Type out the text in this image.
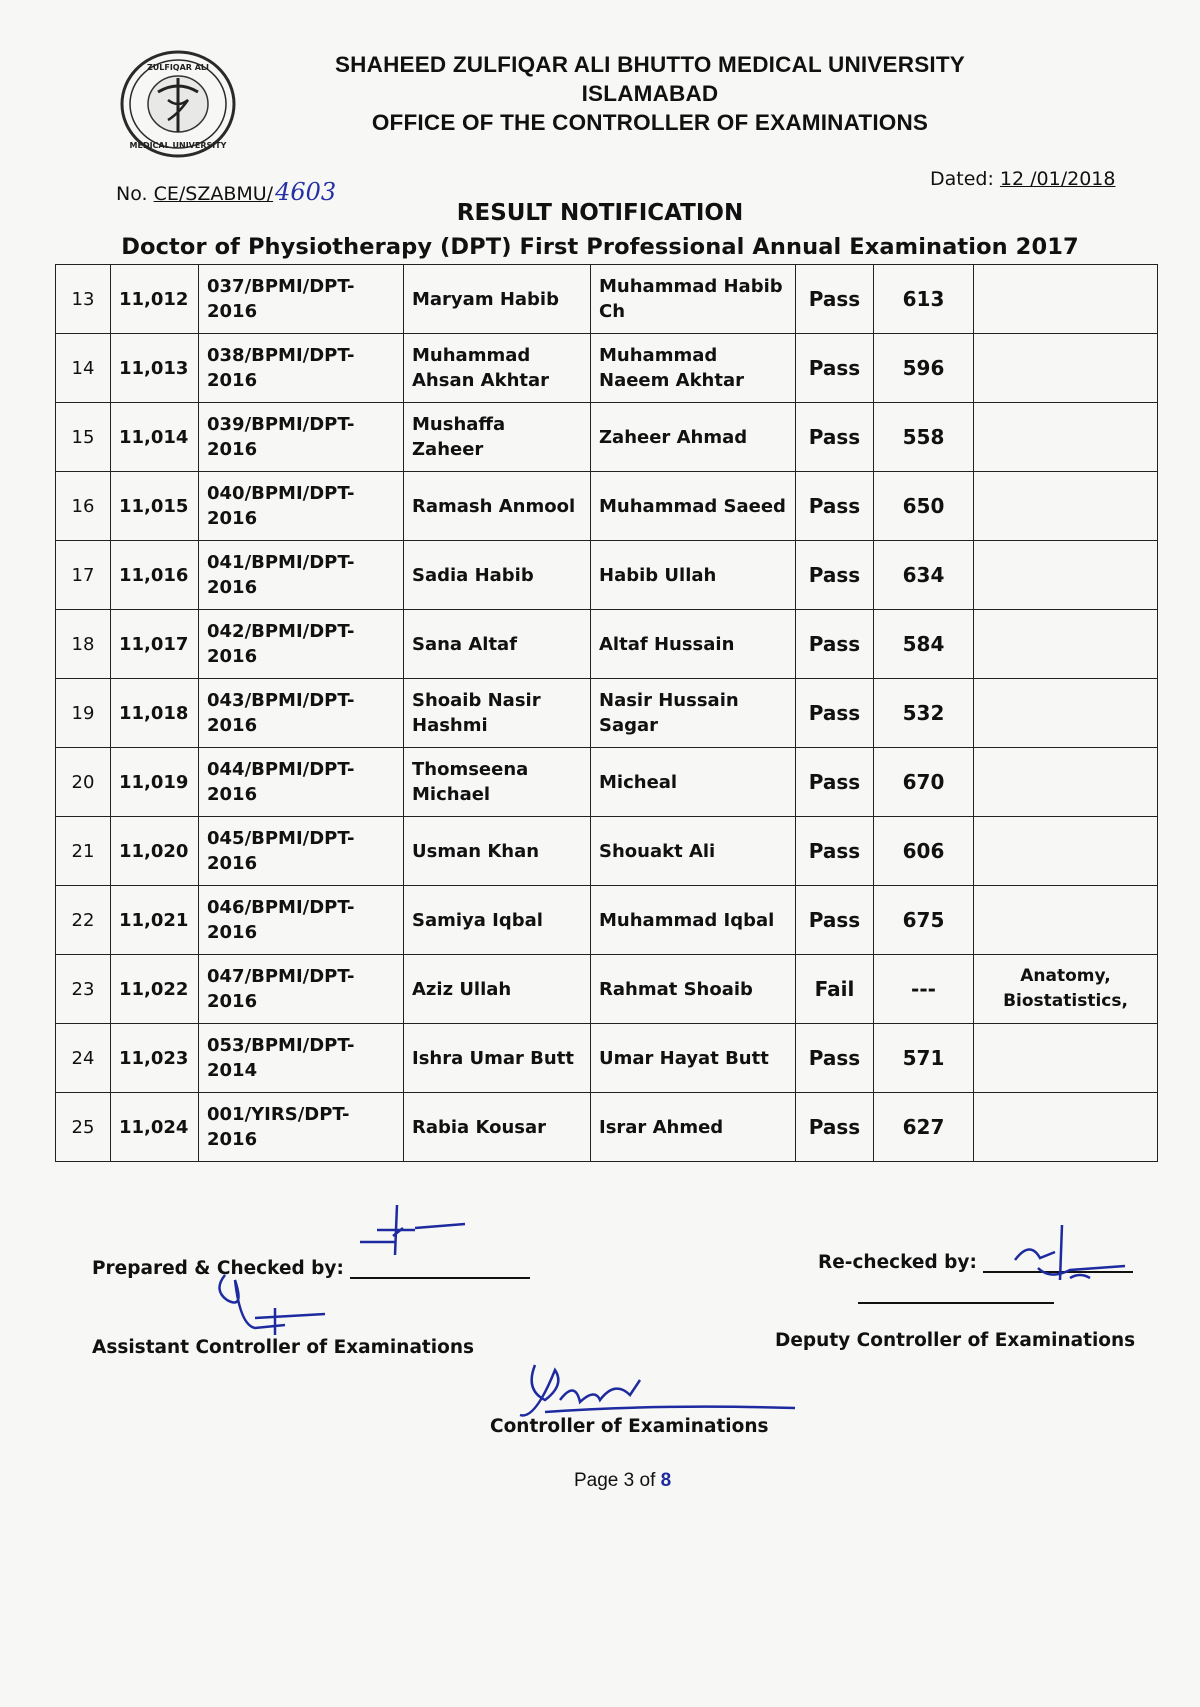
ZULFIQAR ALI
MEDICAL UNIVERSITY
SHAHEED ZULFIQAR ALI BHUTTO MEDICAL UNIVERSITY
ISLAMABAD
OFFICE OF THE CONTROLLER OF EXAMINATIONS
No. CE/SZABMU/4603	Dated: 12 /01/2018
RESULT NOTIFICATION
Doctor of Physiotherapy (DPT) First Professional Annual Examination 2017
13	11,012	037/BPMI/DPT-2016	Maryam Habib	Muhammad Habib Ch	Pass	613	
14	11,013	038/BPMI/DPT-2016	Muhammad Ahsan Akhtar	Muhammad Naeem Akhtar	Pass	596	
15	11,014	039/BPMI/DPT-2016	Mushaffa Zaheer	Zaheer Ahmad	Pass	558	
16	11,015	040/BPMI/DPT-2016	Ramash Anmool	Muhammad Saeed	Pass	650	
17	11,016	041/BPMI/DPT-2016	Sadia Habib	Habib Ullah	Pass	634	
18	11,017	042/BPMI/DPT-2016	Sana Altaf	Altaf Hussain	Pass	584	
19	11,018	043/BPMI/DPT-2016	Shoaib Nasir Hashmi	Nasir Hussain Sagar	Pass	532	
20	11,019	044/BPMI/DPT-2016	Thomseena Michael	Micheal	Pass	670	
21	11,020	045/BPMI/DPT-2016	Usman Khan	Shouakt Ali	Pass	606	
22	11,021	046/BPMI/DPT-2016	Samiya Iqbal	Muhammad Iqbal	Pass	675	
23	11,022	047/BPMI/DPT-2016	Aziz Ullah	Rahmat Shoaib	Fail	---	Anatomy, Biostatistics,
24	11,023	053/BPMI/DPT-2014	Ishra Umar Butt	Umar Hayat Butt	Pass	571	
25	11,024	001/YIRS/DPT-2016	Rabia Kousar	Israr Ahmed	Pass	627	
Prepared & Checked by:
Assistant Controller of Examinations
Re-checked by:
Deputy Controller of Examinations
Controller of Examinations
Page 3 of 8
